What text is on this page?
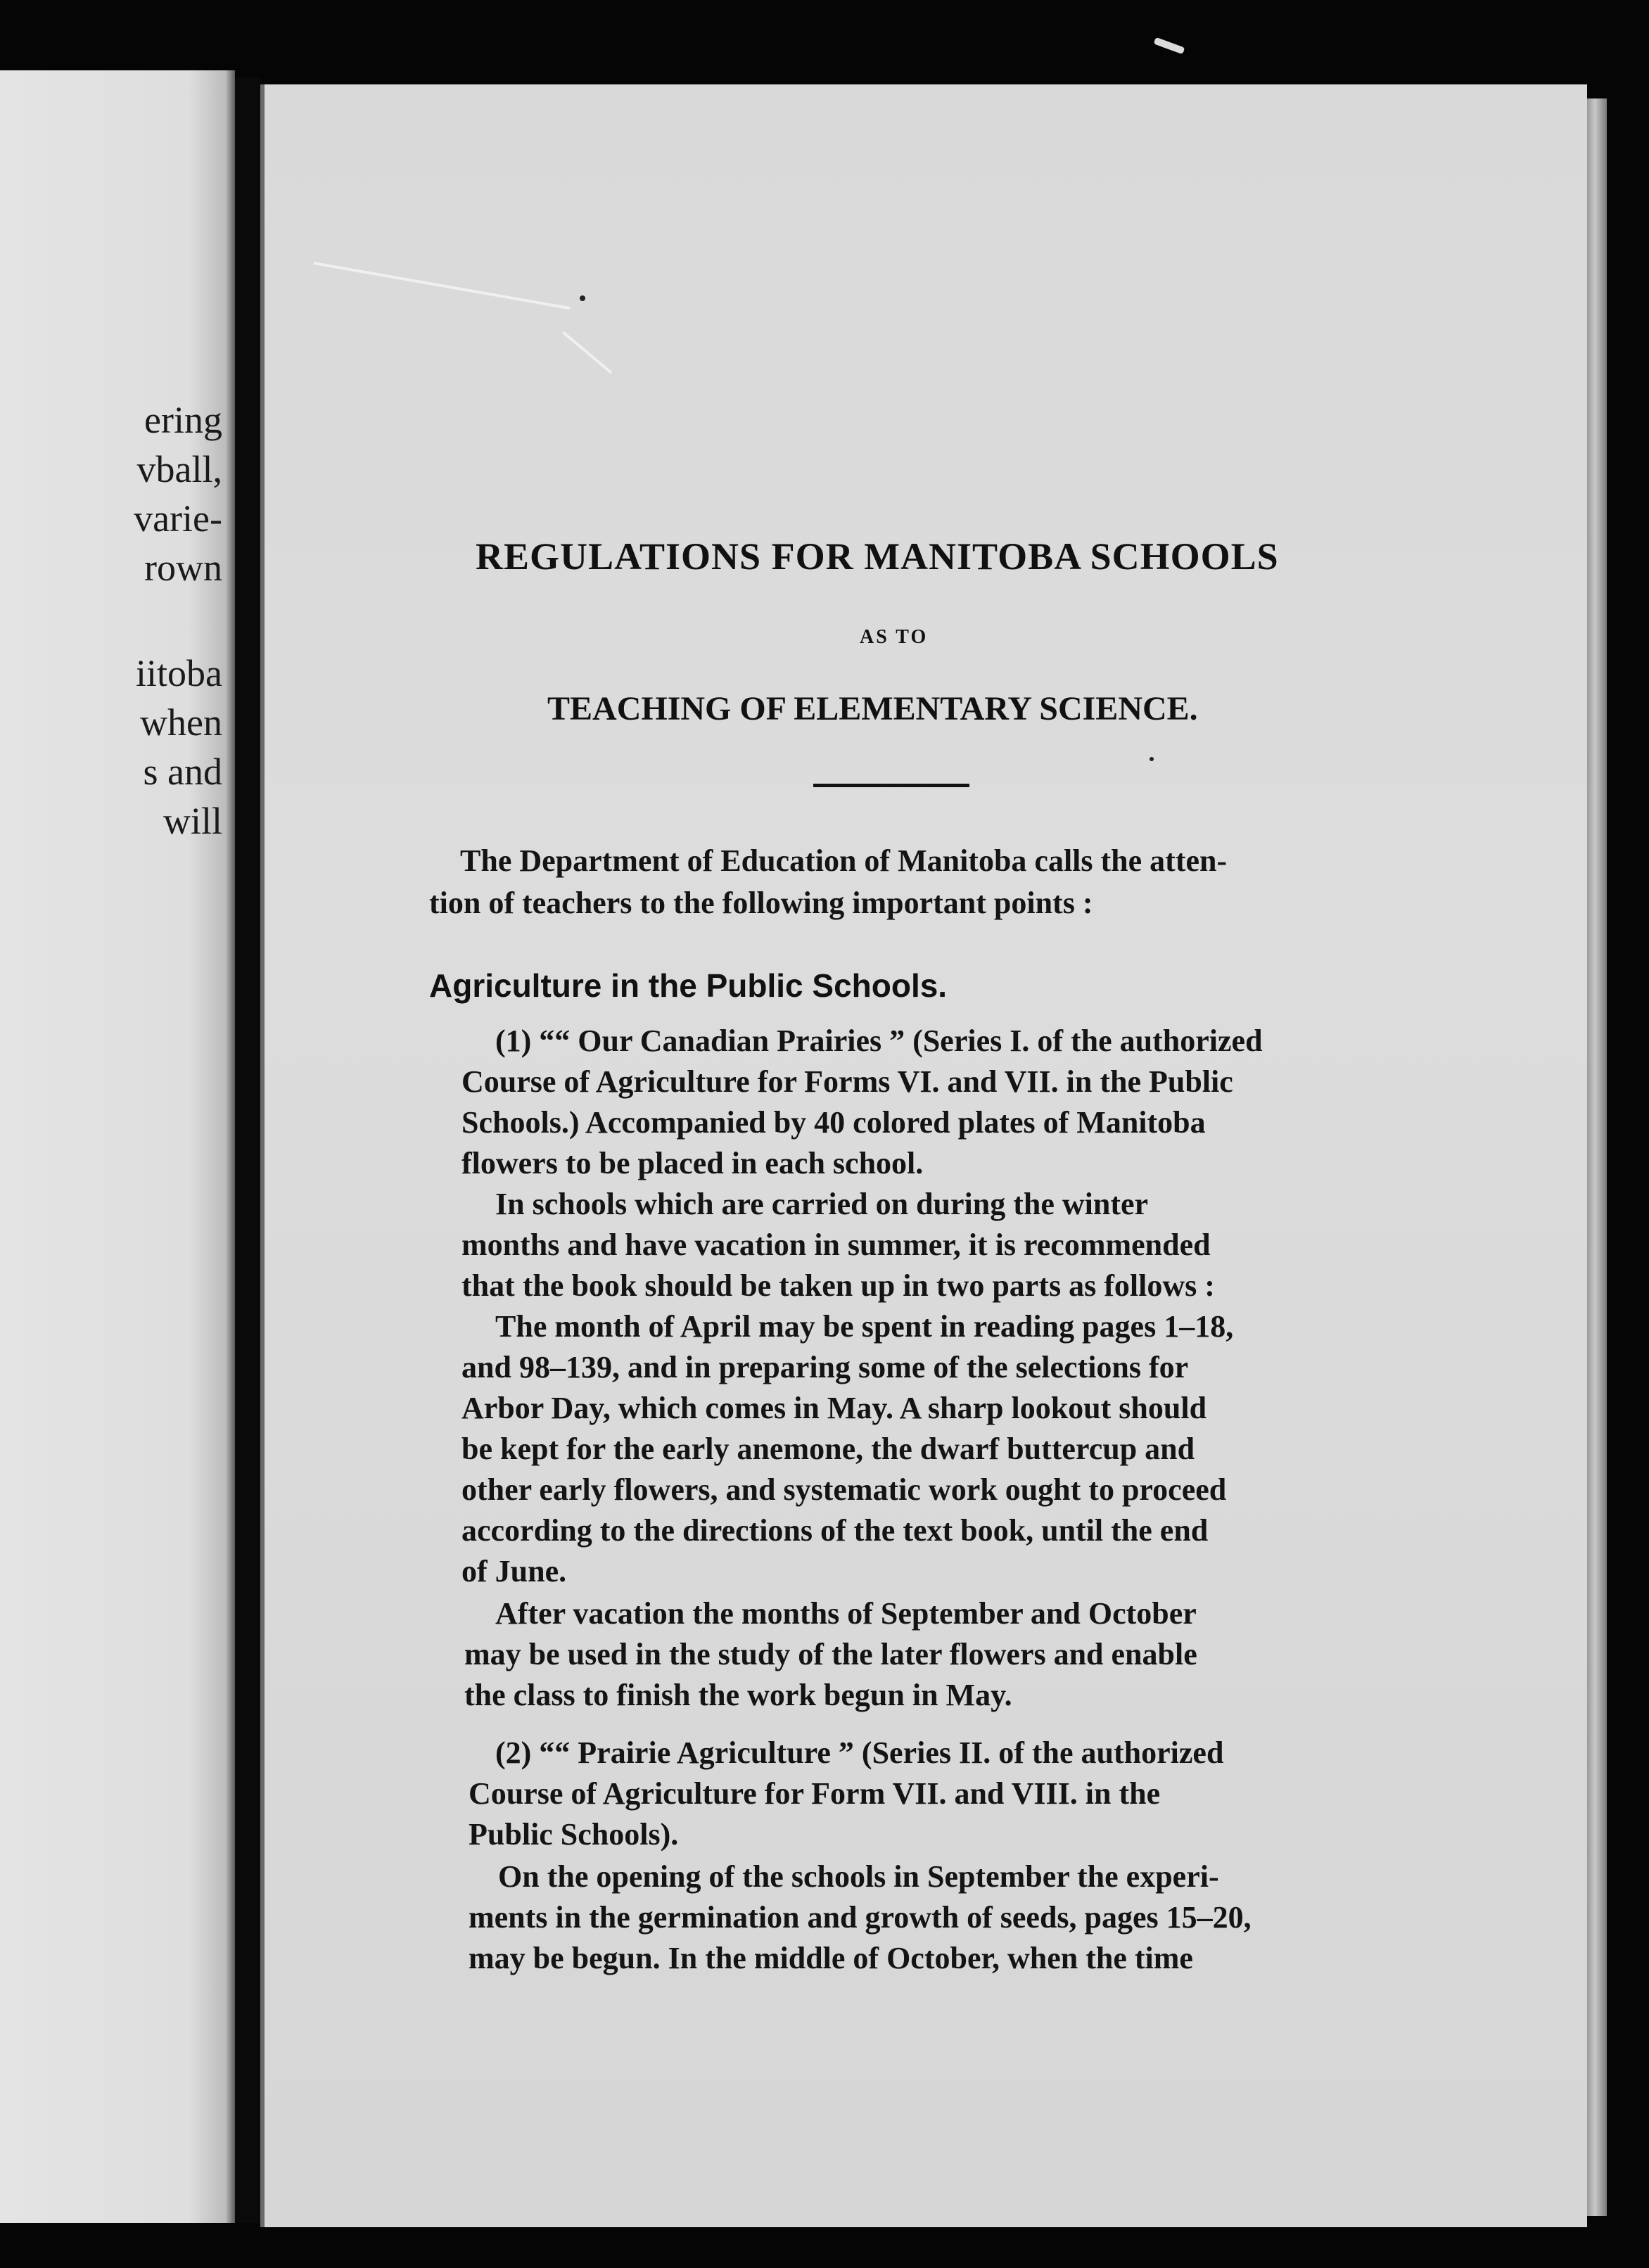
ering
vball,
varie-
rown
iitoba
when
s and
will
REGULATIONS FOR MANITOBA SCHOOLS
AS TO
TEACHING OF ELEMENTARY SCIENCE.
The Department of Education of Manitoba calls the atten-
tion of teachers to the following important points :
Agriculture in the Public Schools.
(1) ““ Our Canadian Prairies ” (Series I. of the authorized
Course of Agriculture for Forms VI. and VII. in the Public
Schools.) Accompanied by 40 colored plates of Manitoba
flowers to be placed in each school.
In schools which are carried on during the winter
months and have vacation in summer, it is recommended
that the book should be taken up in two parts as follows :
The month of April may be spent in reading pages 1–18,
and 98–139, and in preparing some of the selections for
Arbor Day, which comes in May. A sharp lookout should
be kept for the early anemone, the dwarf buttercup and
other early flowers, and systematic work ought to proceed
according to the directions of the text book, until the end
of June.
After vacation the months of September and October
may be used in the study of the later flowers and enable
the class to finish the work begun in May.
(2) ““ Prairie Agriculture ” (Series II. of the authorized
Course of Agriculture for Form VII. and VIII. in the
Public Schools).
On the opening of the schools in September the experi-
ments in the germination and growth of seeds, pages 15–20,
may be begun. In the middle of October, when the time
